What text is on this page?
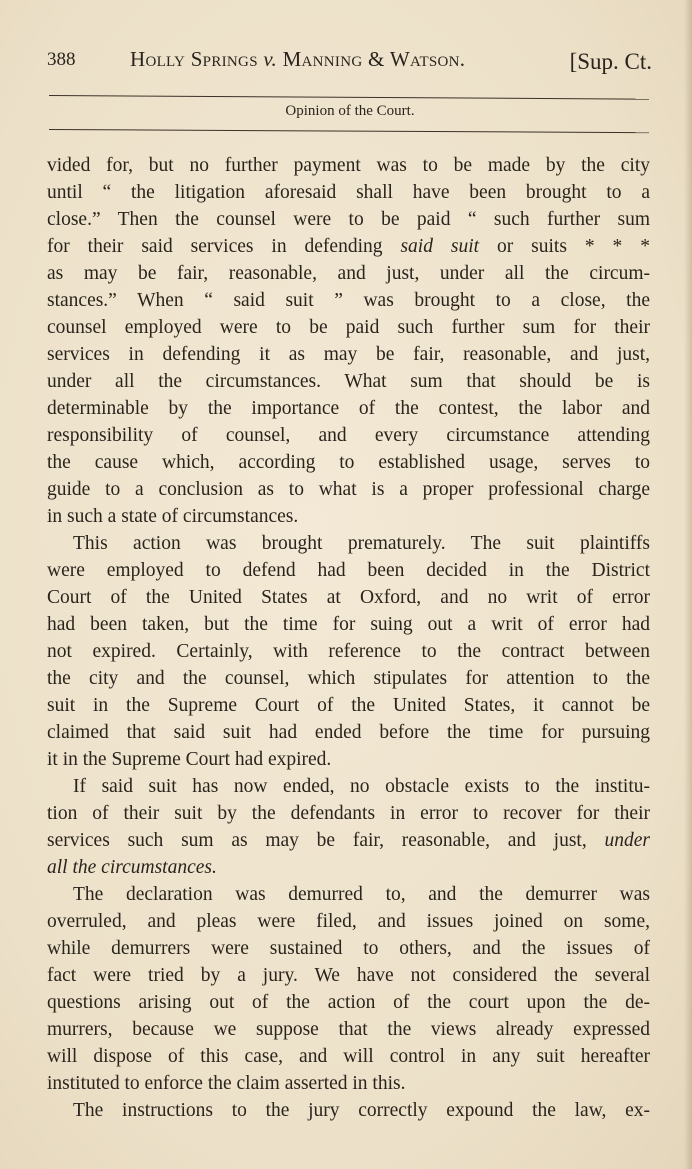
388	Holly Springs v. Manning & Watson.	[Sup. Ct.
Opinion of the Court.
vided for, but no further payment was to be made by the city
until “ the litigation aforesaid shall have been brought to a
close.” Then the counsel were to be paid “ such further sum
for their said services in defending said suit or suits * * *
as may be fair, reasonable, and just, under all the circum-
stances.” When “ said suit ” was brought to a close, the
counsel employed were to be paid such further sum for their
services in defending it as may be fair, reasonable, and just,
under all the circumstances. What sum that should be is
determinable by the importance of the contest, the labor and
responsibility of counsel, and every circumstance attending
the cause which, according to established usage, serves to
guide to a conclusion as to what is a proper professional charge
in such a state of circumstances.
This action was brought prematurely. The suit plaintiffs
were employed to defend had been decided in the District
Court of the United States at Oxford, and no writ of error
had been taken, but the time for suing out a writ of error had
not expired. Certainly, with reference to the contract between
the city and the counsel, which stipulates for attention to the
suit in the Supreme Court of the United States, it cannot be
claimed that said suit had ended before the time for pursuing
it in the Supreme Court had expired.
If said suit has now ended, no obstacle exists to the institu-
tion of their suit by the defendants in error to recover for their
services such sum as may be fair, reasonable, and just, under
all the circumstances.
The declaration was demurred to, and the demurrer was
overruled, and pleas were filed, and issues joined on some,
while demurrers were sustained to others, and the issues of
fact were tried by a jury. We have not considered the several
questions arising out of the action of the court upon the de-
murrers, because we suppose that the views already expressed
will dispose of this case, and will control in any suit hereafter
instituted to enforce the claim asserted in this.
The instructions to the jury correctly expound the law, ex-
